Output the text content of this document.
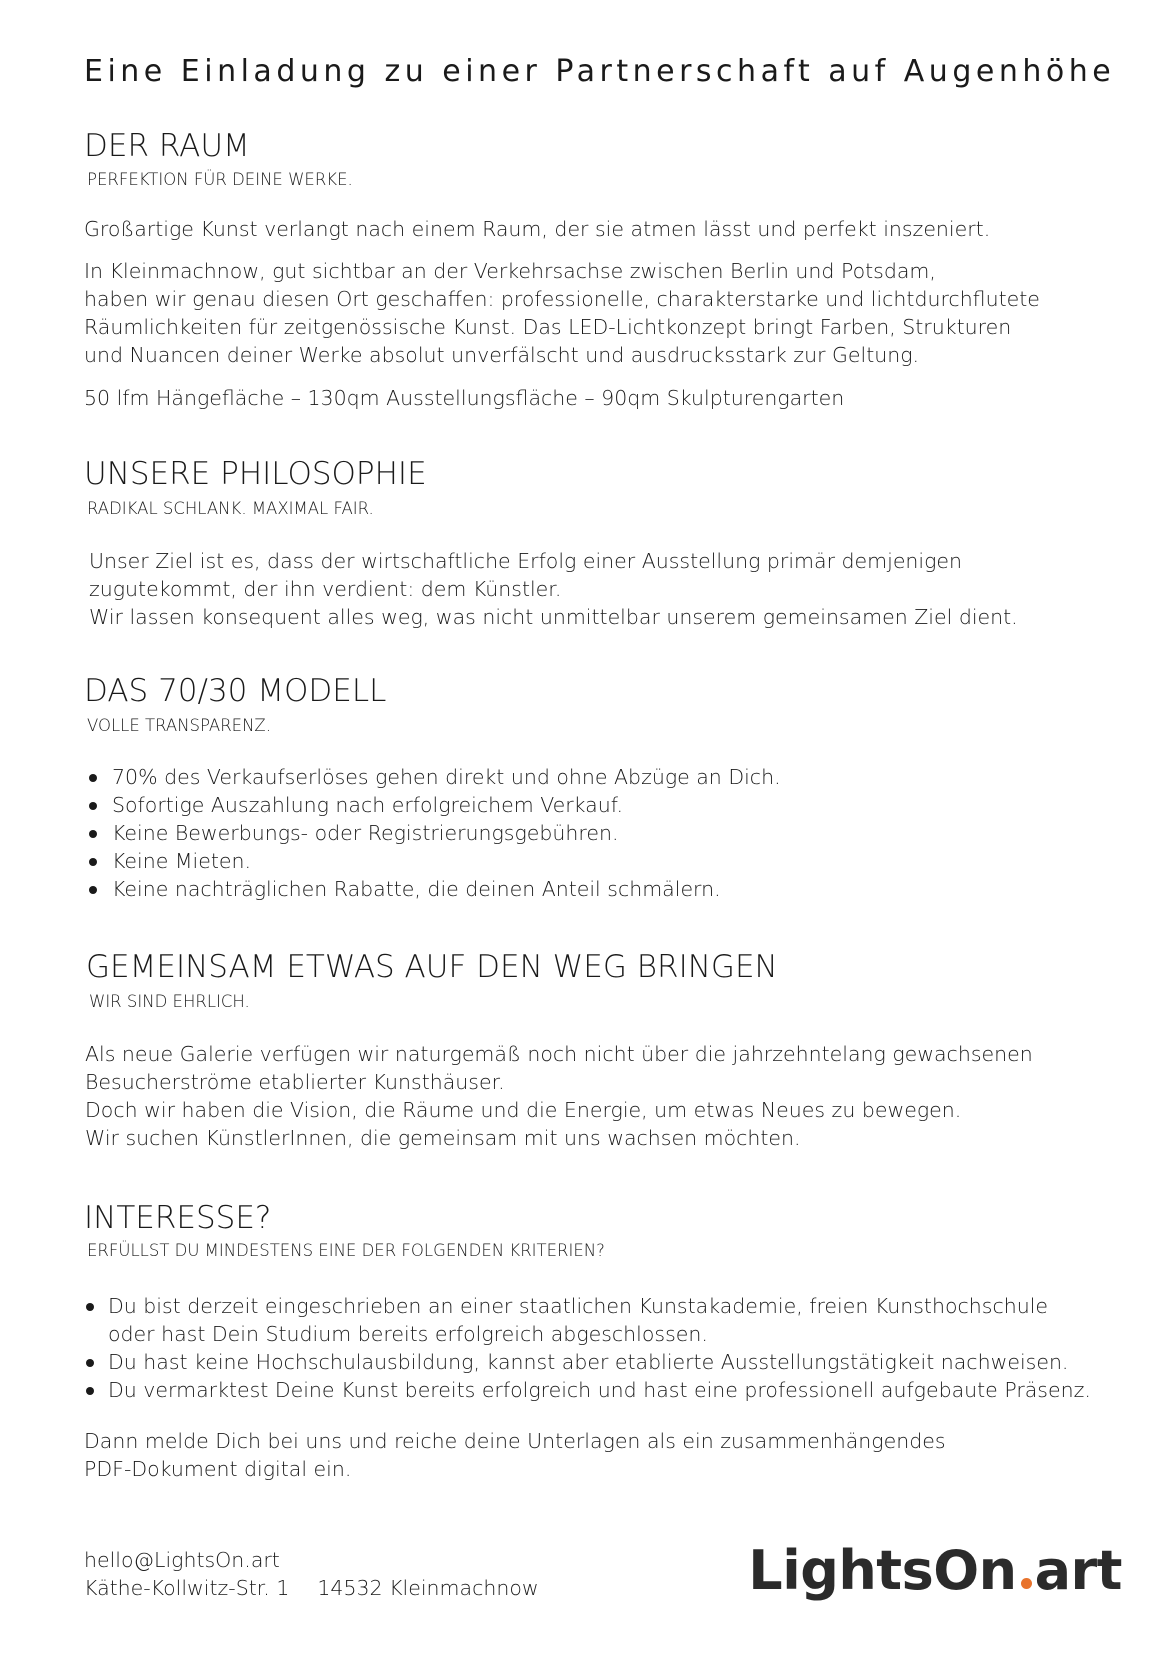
Eine Einladung zu einer Partnerschaft auf Augenhöhe
DER RAUM
PERFEKTION FÜR DEINE WERKE.
Großartige Kunst verlangt nach einem Raum, der sie atmen lässt und perfekt inszeniert.
In Kleinmachnow, gut sichtbar an der Verkehrsachse zwischen Berlin und Potsdam,
haben wir genau diesen Ort geschaffen: professionelle, charakterstarke und lichtdurchflutete
Räumlichkeiten für zeitgenössische Kunst. Das LED-Lichtkonzept bringt Farben, Strukturen
und Nuancen deiner Werke absolut unverfälscht und ausdrucksstark zur Geltung.
50 lfm Hängefläche – 130qm Ausstellungsfläche – 90qm Skulpturengarten
UNSERE PHILOSOPHIE
RADIKAL SCHLANK. MAXIMAL FAIR.
Unser Ziel ist es, dass der wirtschaftliche Erfolg einer Ausstellung primär demjenigen
zugutekommt, der ihn verdient: dem Künstler.
Wir lassen konsequent alles weg, was nicht unmittelbar unserem gemeinsamen Ziel dient.
DAS 70/30 MODELL
VOLLE TRANSPARENZ.
70% des Verkaufserlöses gehen direkt und ohne Abzüge an Dich.
Sofortige Auszahlung nach erfolgreichem Verkauf.
Keine Bewerbungs- oder Registrierungsgebühren.
Keine Mieten.
Keine nachträglichen Rabatte, die deinen Anteil schmälern.
GEMEINSAM ETWAS AUF DEN WEG BRINGEN
WIR SIND EHRLICH.
Als neue Galerie verfügen wir naturgemäß noch nicht über die jahrzehntelang gewachsenen
Besucherströme etablierter Kunsthäuser.
Doch wir haben die Vision, die Räume und die Energie, um etwas Neues zu bewegen.
Wir suchen KünstlerInnen, die gemeinsam mit uns wachsen möchten.
INTERESSE?
ERFÜLLST DU MINDESTENS EINE DER FOLGENDEN KRITERIEN?
Du bist derzeit eingeschrieben an einer staatlichen Kunstakademie, freien Kunsthochschule oder hast Dein Studium bereits erfolgreich abgeschlossen.
Du hast keine Hochschulausbildung, kannst aber etablierte Ausstellungstätigkeit nachweisen.
Du vermarktest Deine Kunst bereits erfolgreich und hast eine professionell aufgebaute Präsenz.
Dann melde Dich bei uns und reiche deine Unterlagen als ein zusammenhängendes
PDF-Dokument digital ein.
hello@LightsOn.art
Käthe-Kollwitz-Str. 1 14532 Kleinmachnow	LightsOn art
